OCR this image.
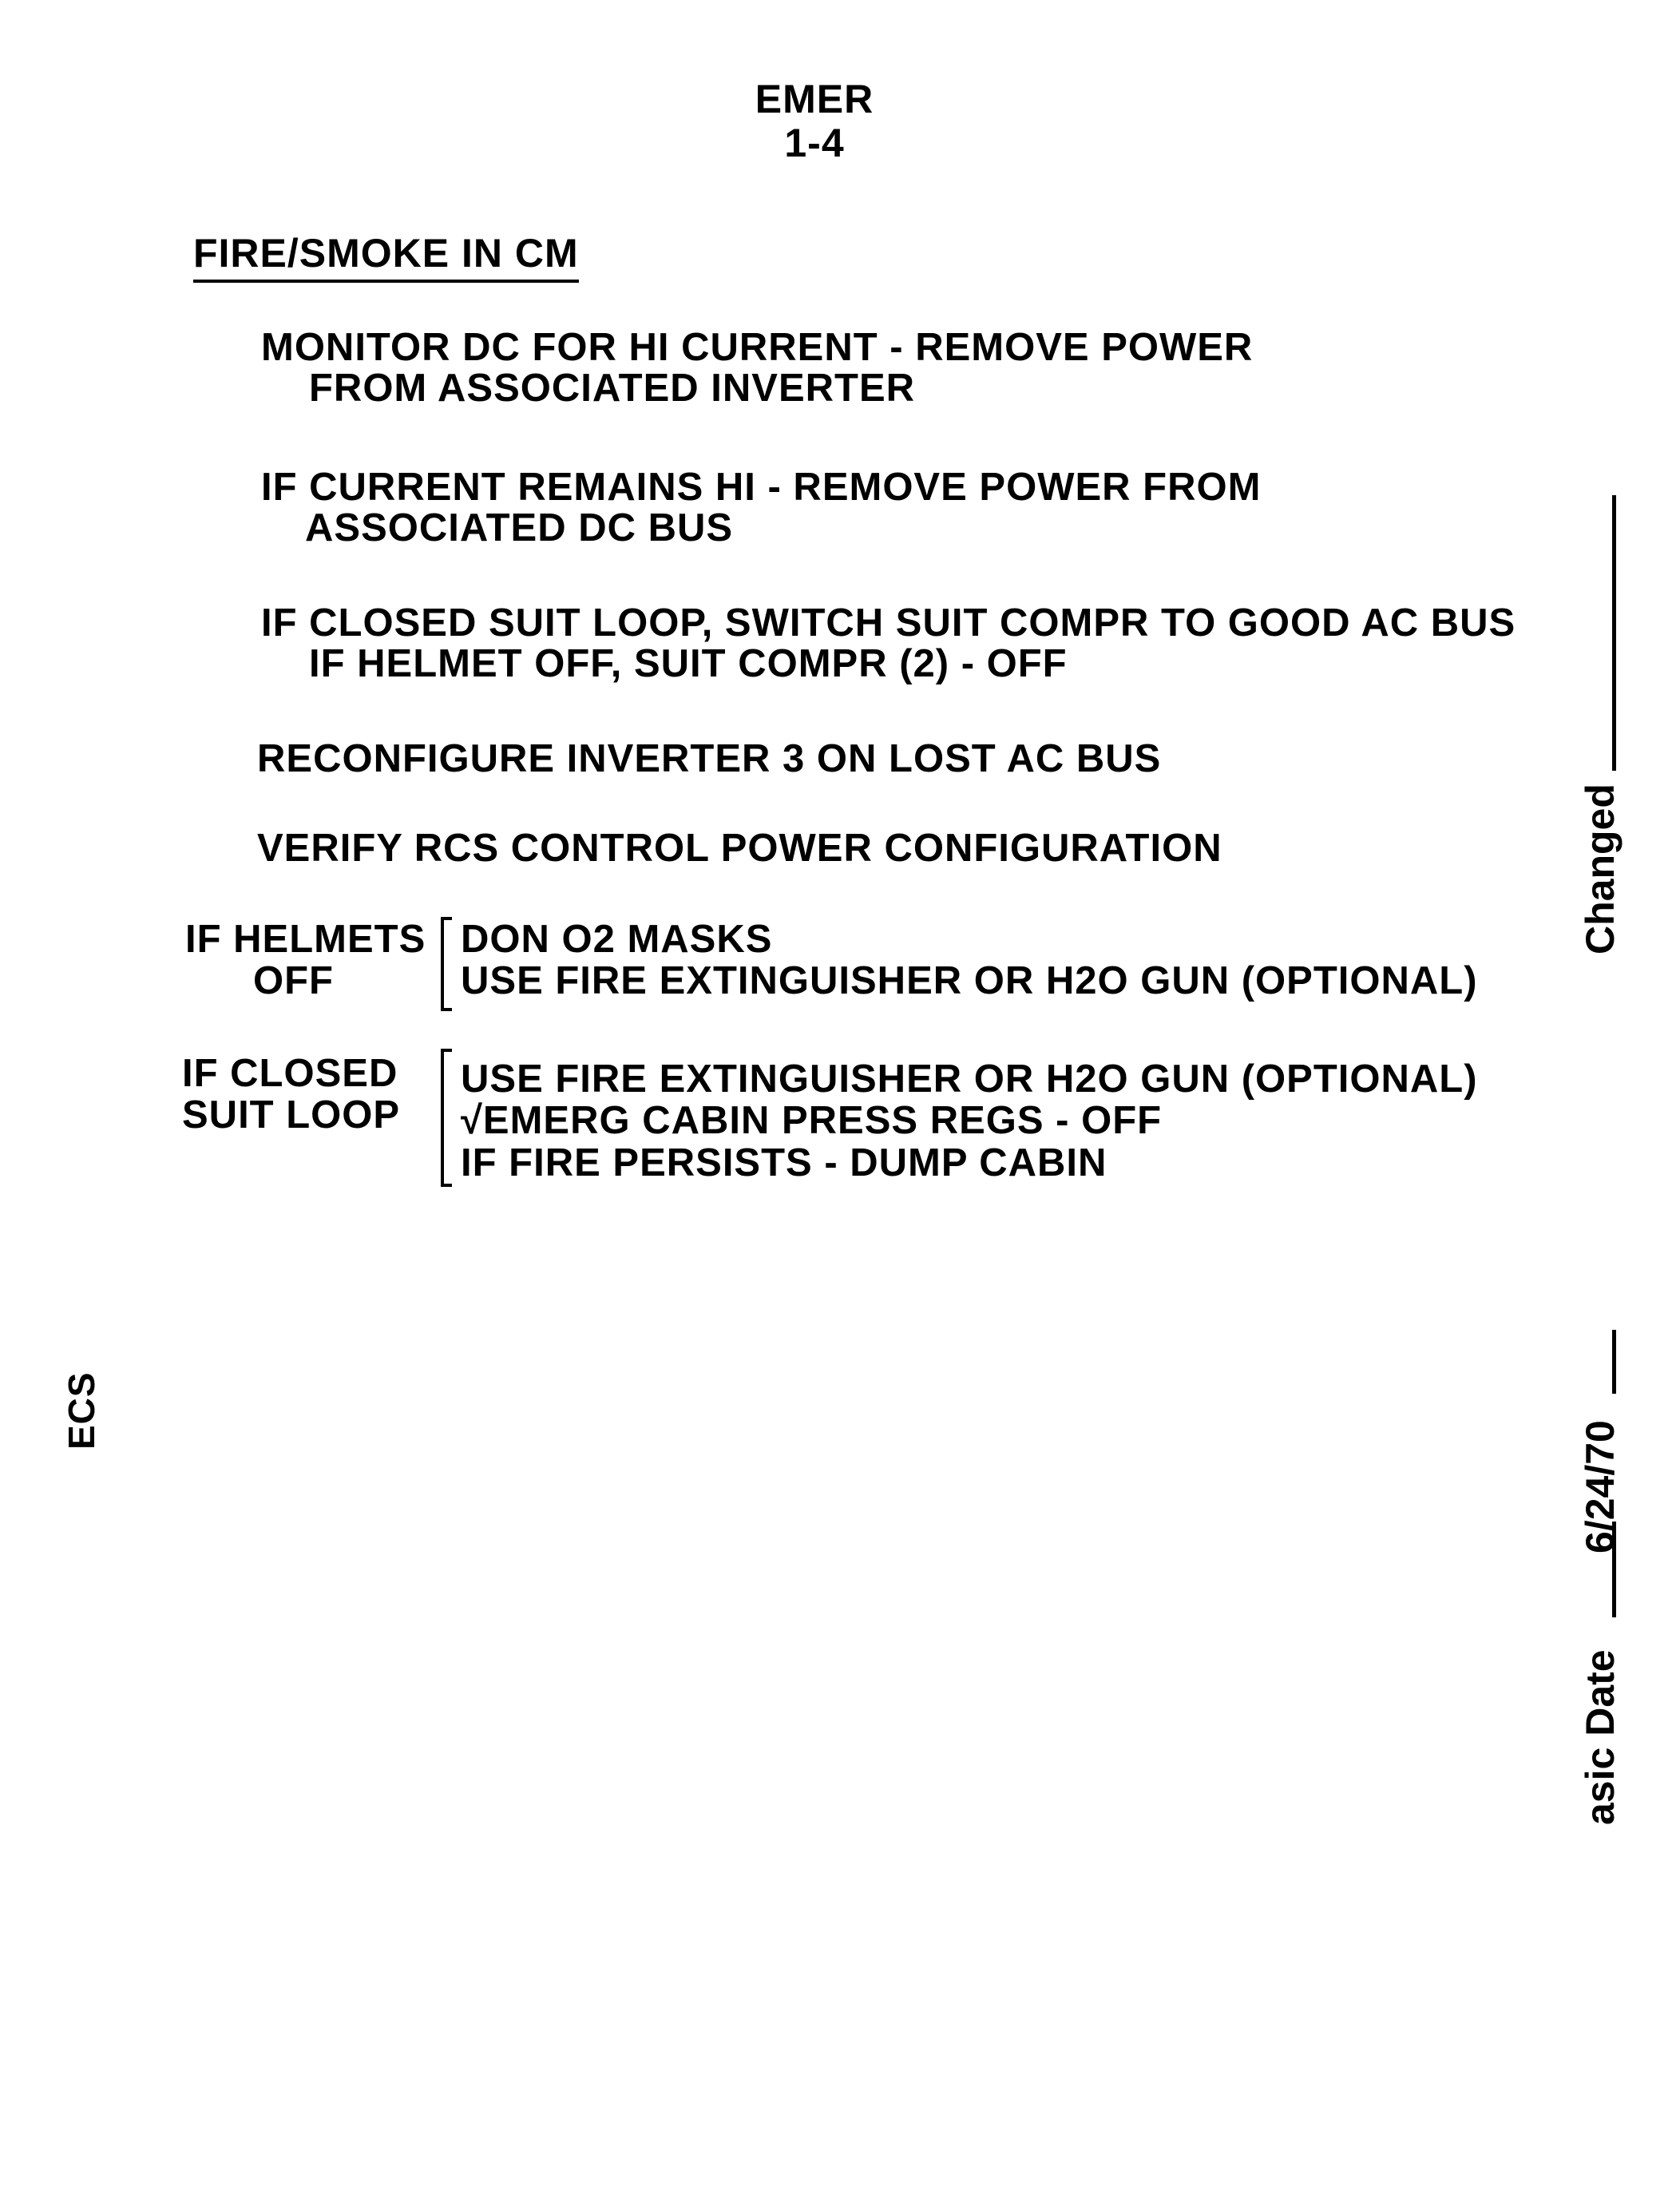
EMER
1-4
FIRE/SMOKE IN CM
MONITOR DC FOR HI CURRENT - REMOVE POWER
FROM ASSOCIATED INVERTER
IF CURRENT REMAINS HI - REMOVE POWER FROM
ASSOCIATED DC BUS
IF CLOSED SUIT LOOP, SWITCH SUIT COMPR TO GOOD AC BUS
IF HELMET OFF, SUIT COMPR (2) - OFF
RECONFIGURE INVERTER 3 ON LOST AC BUS
VERIFY RCS CONTROL POWER CONFIGURATION
IF HELMETS
OFF
DON O2 MASKS
USE FIRE EXTINGUISHER OR H2O GUN (OPTIONAL)
IF CLOSED
SUIT LOOP
USE FIRE EXTINGUISHER OR H2O GUN (OPTIONAL)
√EMERG CABIN PRESS REGS - OFF
IF FIRE PERSISTS - DUMP CABIN
ECS
Changed
asic Date
6/24/70
